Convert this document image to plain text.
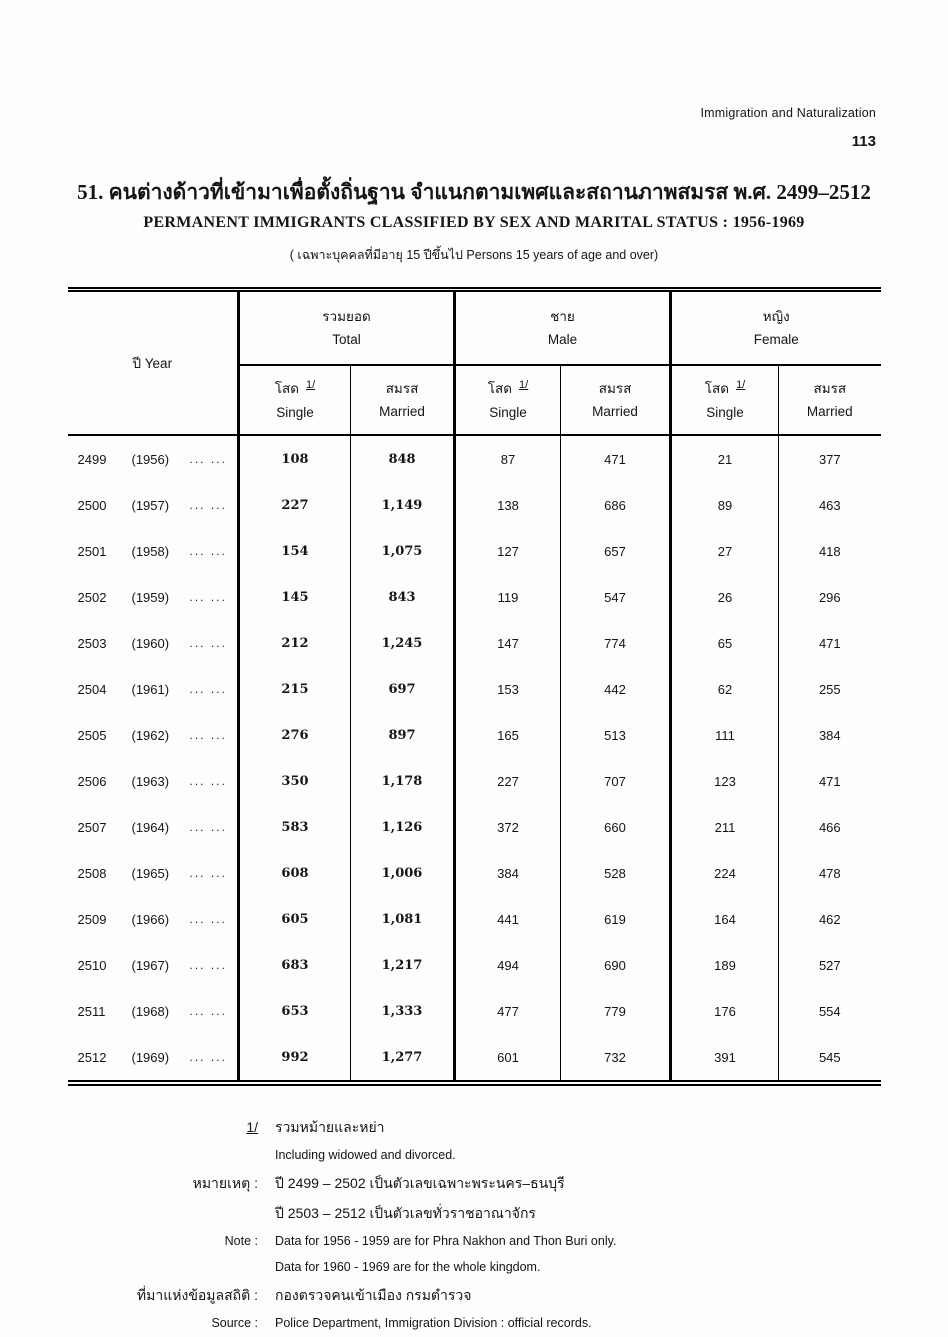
Immigration and Naturalization
113
51. คนต่างด้าวที่เข้ามาเพื่อตั้งถิ่นฐาน จำแนกตามเพศและสถานภาพสมรส พ.ศ. 2499–2512
PERMANENT IMMIGRANTS CLASSIFIED BY SEX AND MARITAL STATUS : 1956-1969
( เฉพาะบุคคลที่มีอายุ 15 ปีขึ้นไป Persons 15 years of age and over)
ปี Year	รวมยอด
Total		ชาย
Male		หญิง
Female	

	โสด 1/
Single	สมรส
Married	โสด 1/
Single	สมรส
Married	โสด 1/
Single	สมรส
Married

2499 (1956) ... ...	108	848	87	471	21	377

2500 (1957) ... ...	227	1,149	138	686	89	463

2501 (1958) ... ...	154	1,075	127	657	27	418

2502 (1959) ... ...	145	843	119	547	26	296

2503 (1960) ... ...	212	1,245	147	774	65	471

2504 (1961) ... ...	215	697	153	442	62	255

2505 (1962) ... ...	276	897	165	513	111	384

2506 (1963) ... ...	350	1,178	227	707	123	471

2507 (1964) ... ...	583	1,126	372	660	211	466

2508 (1965) ... ...	608	1,006	384	528	224	478

2509 (1966) ... ...	605	1,081	441	619	164	462

2510 (1967) ... ...	683	1,217	494	690	189	527

2511 (1968) ... ...	653	1,333	477	779	176	554

2512 (1969) ... ...	992	1,277	601	732	391	545
1/ รวมหม้ายและหย่า
Including widowed and divorced.
หมายเหตุ : ปี 2499 – 2502 เป็นตัวเลขเฉพาะพระนคร–ธนบุรี
ปี 2503 – 2512 เป็นตัวเลขทั่วราชอาณาจักร
Note : Data for 1956 - 1959 are for Phra Nakhon and Thon Buri only.
Data for 1960 - 1969 are for the whole kingdom.
ที่มาแห่งข้อมูลสถิติ : กองตรวจคนเข้าเมือง กรมตำรวจ
Source : Police Department, Immigration Division : official records.
